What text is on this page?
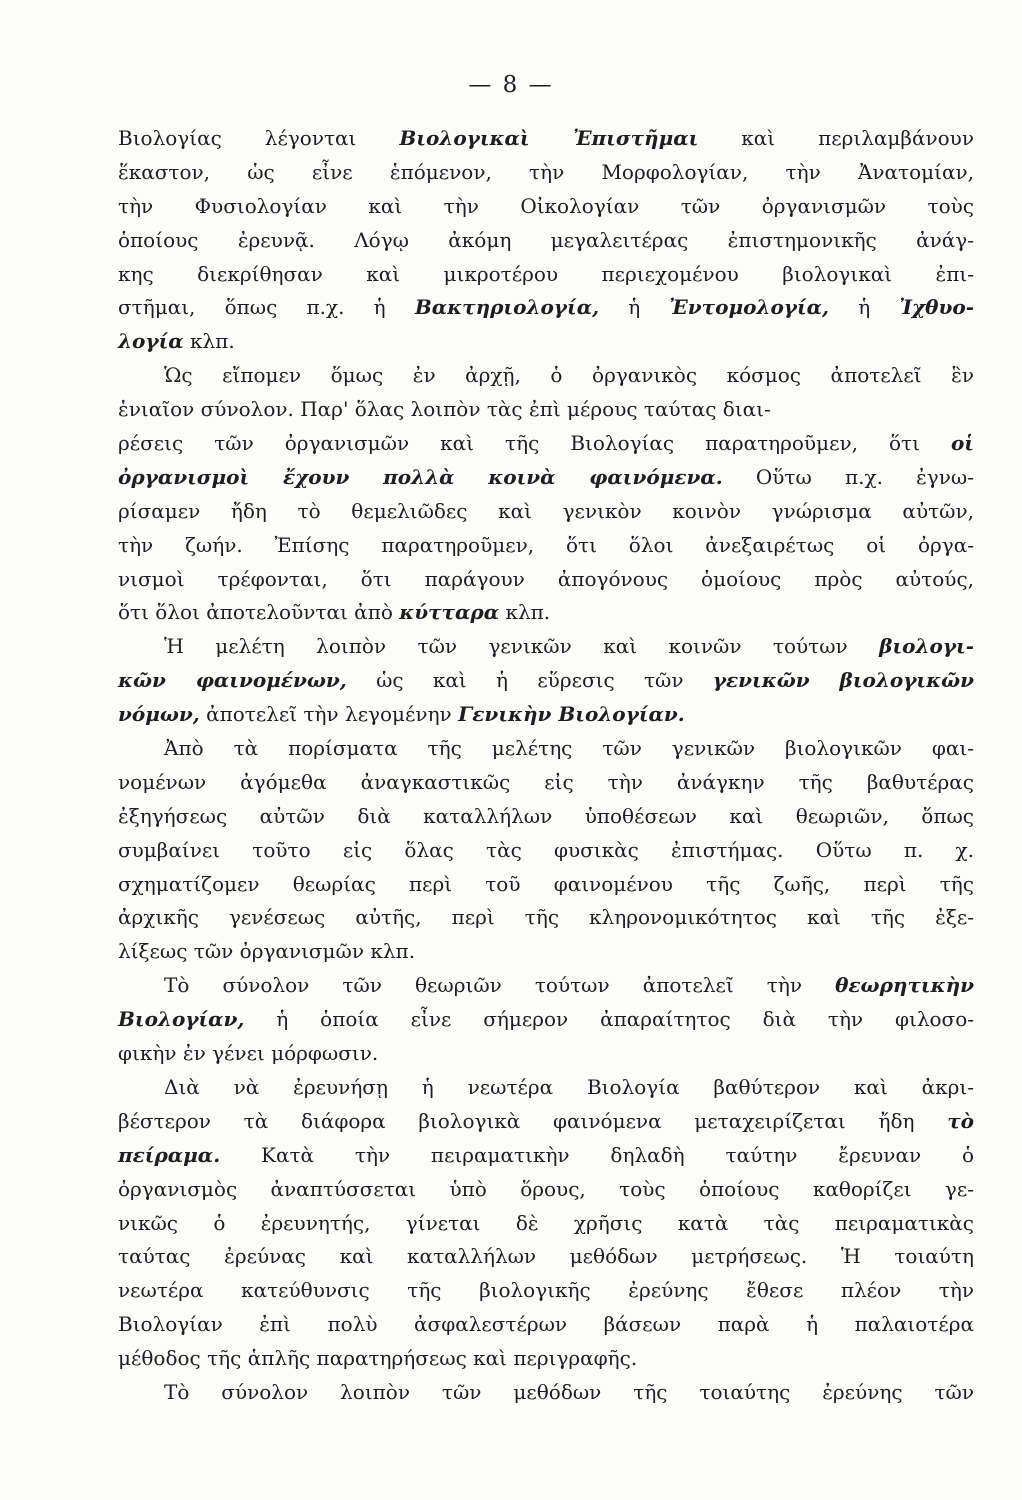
— 8 —
Βιολογίας λέγονται Βιολογικαὶ Ἐπιστῆμαι καὶ περιλαμβάνουν
ἕκαστον, ὡς εἶνε ἑπόμενον, τὴν Μορφολογίαν, τὴν Ἀνατομίαν,
τὴν Φυσιολογίαν καὶ τὴν Οἰκολογίαν τῶν ὀργανισμῶν τοὺς
ὁποίους ἐρευνᾷ. Λόγῳ ἀκόμη μεγαλειτέρας ἐπιστημονικῆς ἀνάγ-
κης διεκρίθησαν καὶ μικροτέρου περιεχομένου βιολογικαὶ ἐπι-
στῆμαι, ὅπως π.χ. ἡ Βακτηριολογία, ἡ Ἐντομολογία, ἡ Ἰχθυο-
λογία κλπ.
Ὡς εἴπομεν ὅμως ἐν ἀρχῇ, ὁ ὀργανικὸς κόσμος ἀποτελεῖ ἓν
ἑνιαῖον σύνολον. Παρ' ὅλας λοιπὸν τὰς ἐπὶ μέρους ταύτας διαι-
ρέσεις τῶν ὀργανισμῶν καὶ τῆς Βιολογίας παρατηροῦμεν, ὅτι οἱ
ὀργανισμοὶ ἔχουν πολλὰ κοινὰ φαινόμενα. Οὕτω π.χ. ἐγνω-
ρίσαμεν ἤδη τὸ θεμελιῶδες καὶ γενικὸν κοινὸν γνώρισμα αὐτῶν,
τὴν ζωήν. Ἐπίσης παρατηροῦμεν, ὅτι ὅλοι ἀνεξαιρέτως οἱ ὀργα-
νισμοὶ τρέφονται, ὅτι παράγουν ἀπογόνους ὁμοίους πρὸς αὐτούς,
ὅτι ὅλοι ἀποτελοῦνται ἀπὸ κύτταρα κλπ.
Ἡ μελέτη λοιπὸν τῶν γενικῶν καὶ κοινῶν τούτων βιολογι-
κῶν φαινομένων, ὡς καὶ ἡ εὕρεσις τῶν γενικῶν βιολογικῶν
νόμων, ἀποτελεῖ τὴν λεγομένην Γενικὴν Βιολογίαν.
Ἀπὸ τὰ πορίσματα τῆς μελέτης τῶν γενικῶν βιολογικῶν φαι-
νομένων ἀγόμεθα ἀναγκαστικῶς εἰς τὴν ἀνάγκην τῆς βαθυτέρας
ἐξηγήσεως αὐτῶν διὰ καταλλήλων ὑποθέσεων καὶ θεωριῶν, ὅπως
συμβαίνει τοῦτο εἰς ὅλας τὰς φυσικὰς ἐπιστήμας. Οὕτω π. χ.
σχηματίζομεν θεωρίας περὶ τοῦ φαινομένου τῆς ζωῆς, περὶ τῆς
ἀρχικῆς γενέσεως αὐτῆς, περὶ τῆς κληρονομικότητος καὶ τῆς ἐξε-
λίξεως τῶν ὀργανισμῶν κλπ.
Τὸ σύνολον τῶν θεωριῶν τούτων ἀποτελεῖ τὴν θεωρητικὴν
Βιολογίαν, ἡ ὁποία εἶνε σήμερον ἀπαραίτητος διὰ τὴν φιλοσο-
φικὴν ἐν γένει μόρφωσιν.
Διὰ νὰ ἐρευνήσῃ ἡ νεωτέρα Βιολογία βαθύτερον καὶ ἀκρι-
βέστερον τὰ διάφορα βιολογικὰ φαινόμενα μεταχειρίζεται ἤδη τὸ
πείραμα. Κατὰ τὴν πειραματικὴν δηλαδὴ ταύτην ἔρευναν ὁ
ὀργανισμὸς ἀναπτύσσεται ὑπὸ ὅρους, τοὺς ὁποίους καθορίζει γε-
νικῶς ὁ ἐρευνητής, γίνεται δὲ χρῆσις κατὰ τὰς πειραματικὰς
ταύτας ἐρεύνας καὶ καταλλήλων μεθόδων μετρήσεως. Ἡ τοιαύτη
νεωτέρα κατεύθυνσις τῆς βιολογικῆς ἐρεύνης ἔθεσε πλέον τὴν
Βιολογίαν ἐπὶ πολὺ ἀσφαλεστέρων βάσεων παρὰ ἡ παλαιοτέρα
μέθοδος τῆς ἁπλῆς παρατηρήσεως καὶ περιγραφῆς.
Τὸ σύνολον λοιπὸν τῶν μεθόδων τῆς τοιαύτης ἐρεύνης τῶν
